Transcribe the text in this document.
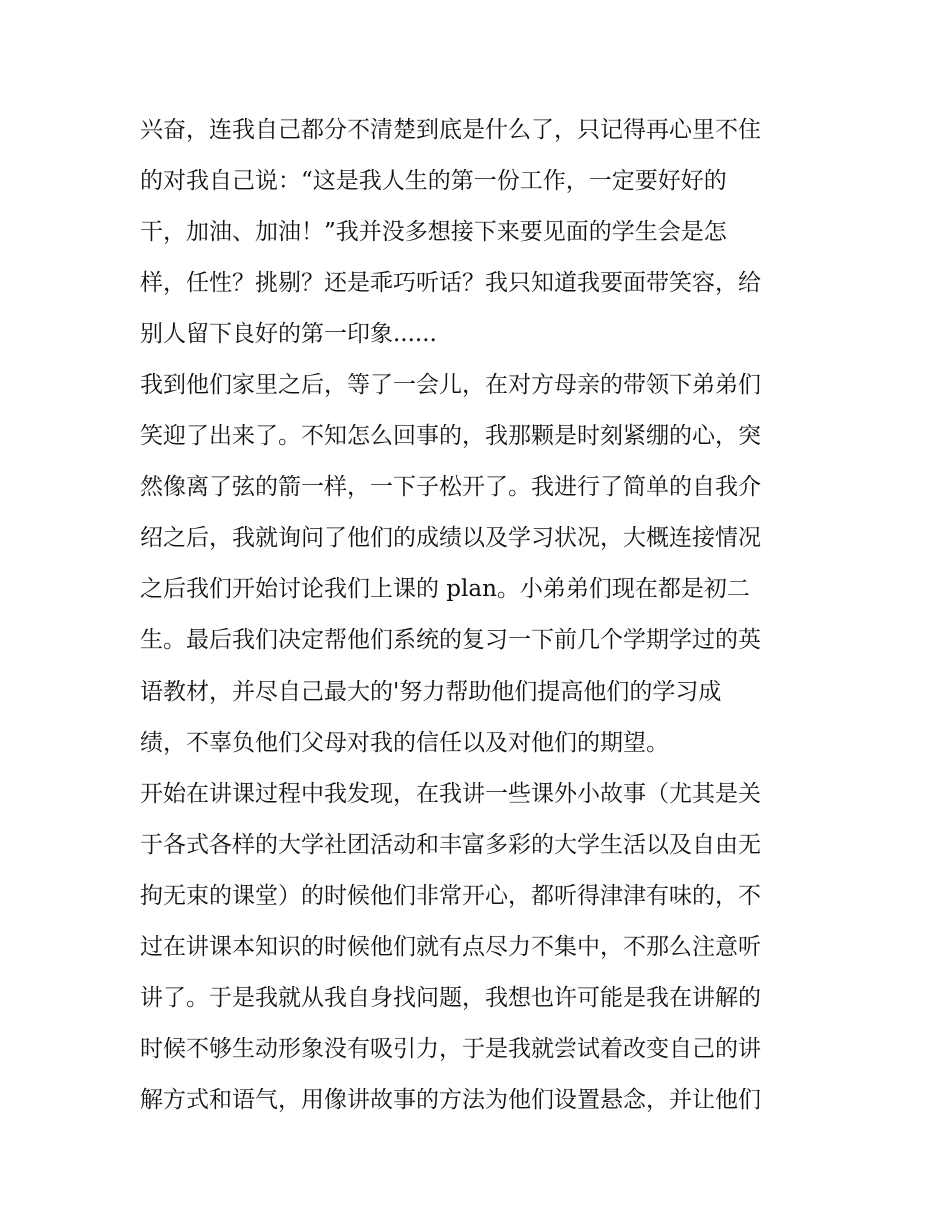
兴奋，连我自己都分不清楚到底是什么了，只记得再心里不住
的对我自己说：“这是我人生的第一份工作，一定要好好的
干，加油、加油！”我并没多想接下来要见面的学生会是怎
样，任性？挑剔？还是乖巧听话？我只知道我要面带笑容，给
别人留下良好的第一印象......
我到他们家里之后，等了一会儿，在对方母亲的带领下弟弟们
笑迎了出来了。不知怎么回事的，我那颗是时刻紧绷的心，突
然像离了弦的箭一样，一下子松开了。我进行了简单的自我介
绍之后，我就询问了他们的成绩以及学习状况，大概连接情况
之后我们开始讨论我们上课的 plan。小弟弟们现在都是初二
生。最后我们决定帮他们系统的复习一下前几个学期学过的英
语教材，并尽自己最大的'努力帮助他们提高他们的学习成
绩，不辜负他们父母对我的信任以及对他们的期望。
开始在讲课过程中我发现，在我讲一些课外小故事（尤其是关
于各式各样的大学社团活动和丰富多彩的大学生活以及自由无
拘无束的课堂）的时候他们非常开心，都听得津津有味的，不
过在讲课本知识的时候他们就有点尽力不集中，不那么注意听
讲了。于是我就从我自身找问题，我想也许可能是我在讲解的
时候不够生动形象没有吸引力，于是我就尝试着改变自己的讲
解方式和语气，用像讲故事的方法为他们设置悬念，并让他们
